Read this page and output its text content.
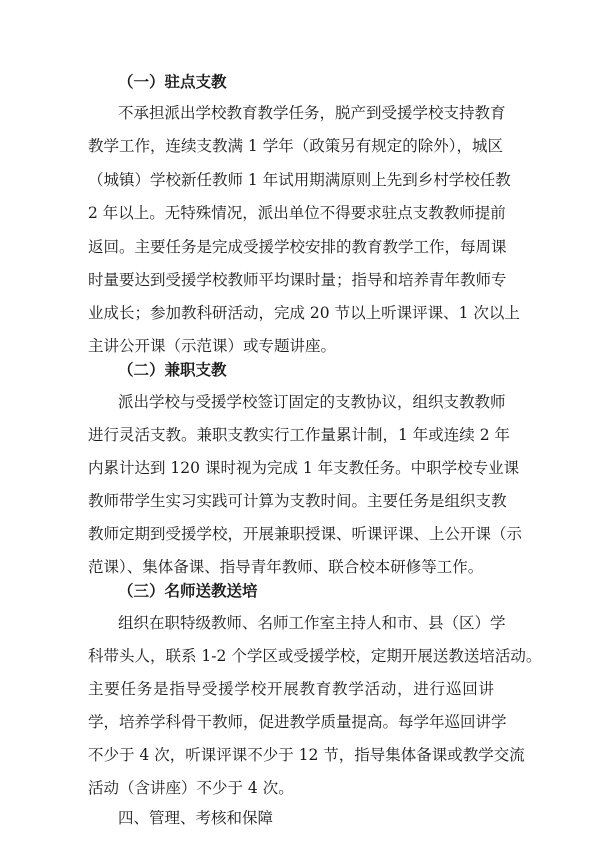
（一）驻点支教
不承担派出学校教育教学任务，脱产到受援学校支持教育
教学工作，连续支教满 1 学年（政策另有规定的除外），城区
（城镇）学校新任教师 1 年试用期满原则上先到乡村学校任教
2 年以上。无特殊情况，派出单位不得要求驻点支教教师提前
返回。主要任务是完成受援学校安排的教育教学工作，每周课
时量要达到受援学校教师平均课时量；指导和培养青年教师专
业成长；参加教科研活动，完成 20 节以上听课评课、1 次以上
主讲公开课（示范课）或专题讲座。
（二）兼职支教
派出学校与受援学校签订固定的支教协议，组织支教教师
进行灵活支教。兼职支教实行工作量累计制，1 年或连续 2 年
内累计达到 120 课时视为完成 1 年支教任务。中职学校专业课
教师带学生实习实践可计算为支教时间。主要任务是组织支教
教师定期到受援学校，开展兼职授课、听课评课、上公开课（示
范课）、集体备课、指导青年教师、联合校本研修等工作。
（三）名师送教送培
组织在职特级教师、名师工作室主持人和市、县（区）学
科带头人，联系 1-2 个学区或受援学校，定期开展送教送培活动。
主要任务是指导受援学校开展教育教学活动，进行巡回讲
学，培养学科骨干教师，促进教学质量提高。每学年巡回讲学
不少于 4 次，听课评课不少于 12 节，指导集体备课或教学交流
活动（含讲座）不少于 4 次。
四、管理、考核和保障
